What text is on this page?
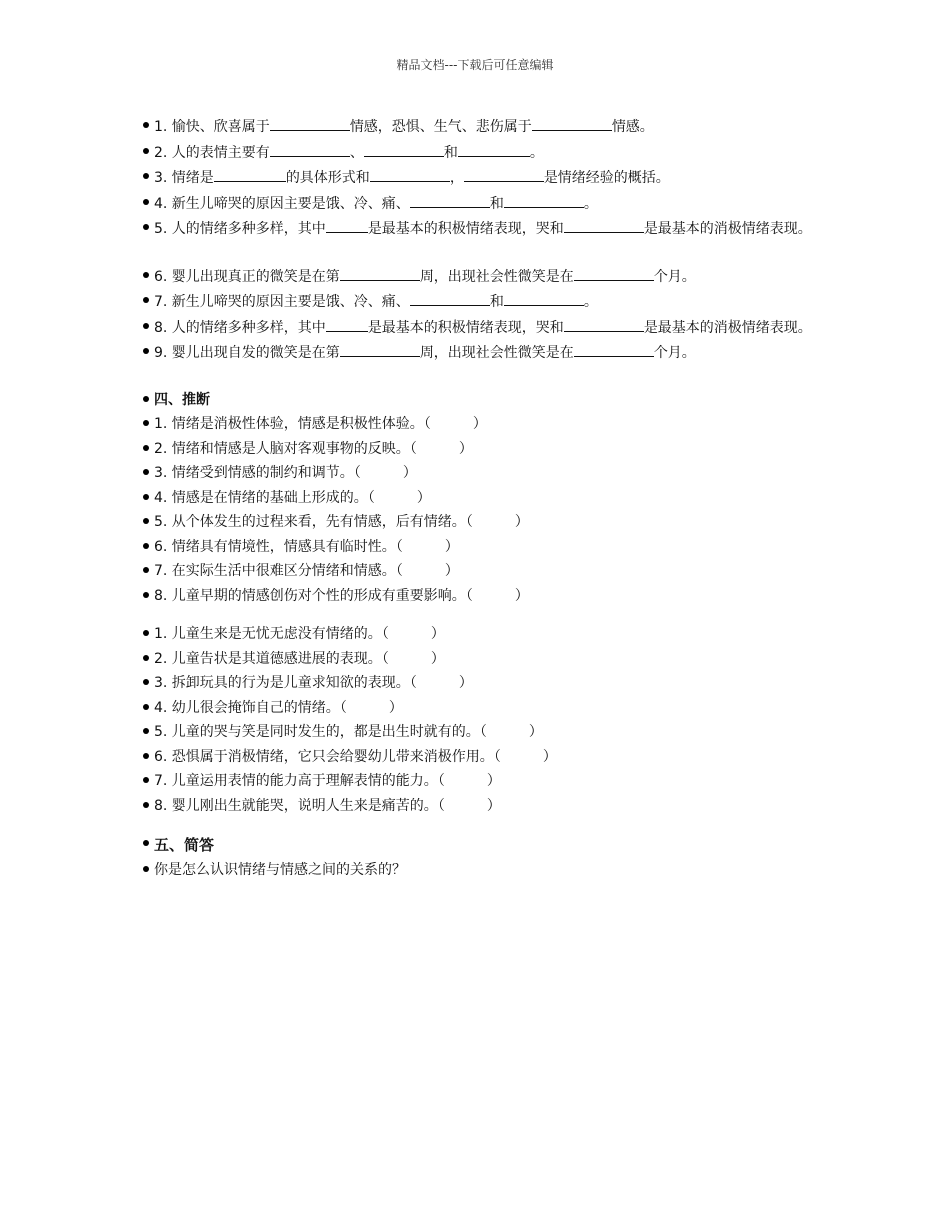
精品文档---下载后可任意编辑
1. 愉快、欣喜属于	情感，恐惧、生气、悲伤属于	情感。
2. 人的表情主要有	、	和	。
3. 情绪是	的具体形式和	，	是情绪经验的概括。
4. 新生儿啼哭的原因主要是饿、冷、痛、	和	。
5. 人的情绪多种多样，其中	是最基本的积极情绪表现，哭和	是最基本的消极情绪表现。
6. 婴儿出现真正的微笑是在第	周，出现社会性微笑是在	个月。
7. 新生儿啼哭的原因主要是饿、冷、痛、	和	。
8. 人的情绪多种多样，其中	是最基本的积极情绪表现，哭和	是最基本的消极情绪表现。
9. 婴儿出现自发的微笑是在第	周，出现社会性微笑是在	个月。
四、推断
1. 情绪是消极性体验，情感是积极性体验。（	）
2. 情绪和情感是人脑对客观事物的反映。（	）
3. 情绪受到情感的制约和调节。（	）
4. 情感是在情绪的基础上形成的。（	）
5. 从个体发生的过程来看，先有情感，后有情绪。（	）
6. 情绪具有情境性，情感具有临时性。（	）
7. 在实际生活中很难区分情绪和情感。（	）
8. 儿童早期的情感创伤对个性的形成有重要影响。（	）
1. 儿童生来是无忧无虑没有情绪的。（	）
2. 儿童告状是其道德感进展的表现。（	）
3. 拆卸玩具的行为是儿童求知欲的表现。（	）
4. 幼儿很会掩饰自己的情绪。（	）
5. 儿童的哭与笑是同时发生的，都是出生时就有的。（	）
6. 恐惧属于消极情绪，它只会给婴幼儿带来消极作用。（	）
7. 儿童运用表情的能力高于理解表情的能力。（	）
8. 婴儿刚出生就能哭，说明人生来是痛苦的。（	）
五、简答
你是怎么认识情绪与情感之间的关系的？
